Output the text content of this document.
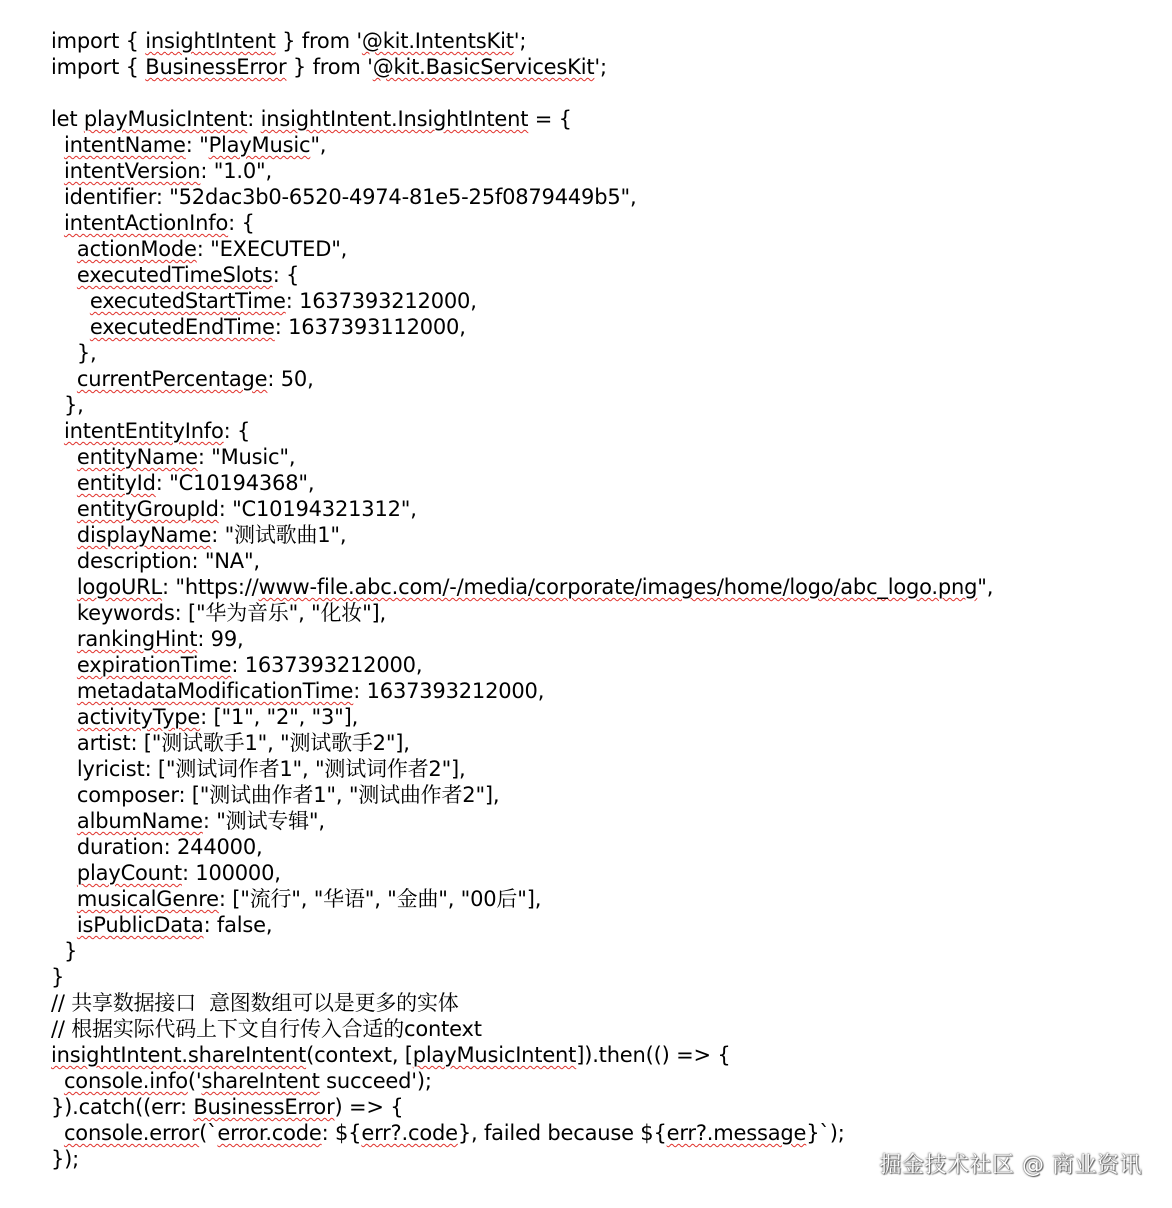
import { insightIntent } from '@kit.IntentsKit';
import { BusinessError } from '@kit.BasicServicesKit';
let playMusicIntent: insightIntent.InsightIntent = {
intentName: "PlayMusic",
intentVersion: "1.0",
identifier: "52dac3b0-6520-4974-81e5-25f0879449b5",
intentActionInfo: {
actionMode: "EXECUTED",
executedTimeSlots: {
executedStartTime: 1637393212000,
executedEndTime: 1637393112000,
},
currentPercentage: 50,
},
intentEntityInfo: {
entityName: "Music",
entityId: "C10194368",
entityGroupId: "C10194321312",
displayName: "测试歌曲1",
description: "NA",
logoURL: "https://www-file.abc.com/-/media/corporate/images/home/logo/abc_logo.png",
keywords: ["华为音乐", "化妆"],
rankingHint: 99,
expirationTime: 1637393212000,
metadataModificationTime: 1637393212000,
activityType: ["1", "2", "3"],
artist: ["测试歌手1", "测试歌手2"],
lyricist: ["测试词作者1", "测试词作者2"],
composer: ["测试曲作者1", "测试曲作者2"],
albumName: "测试专辑",
duration: 244000,
playCount: 100000,
musicalGenre: ["流行", "华语", "金曲", "00后"],
isPublicData: false,
}
}
// 共享数据接口  意图数组可以是更多的实体
// 根据实际代码上下文自行传入合适的context
insightIntent.shareIntent(context, [playMusicIntent]).then(() => {
console.info('shareIntent succeed');
}).catch((err: BusinessError) => {
console.error(`error.code: ${err?.code}, failed because ${err?.message}`);
});	掘金技术社区 @ 商业资讯
